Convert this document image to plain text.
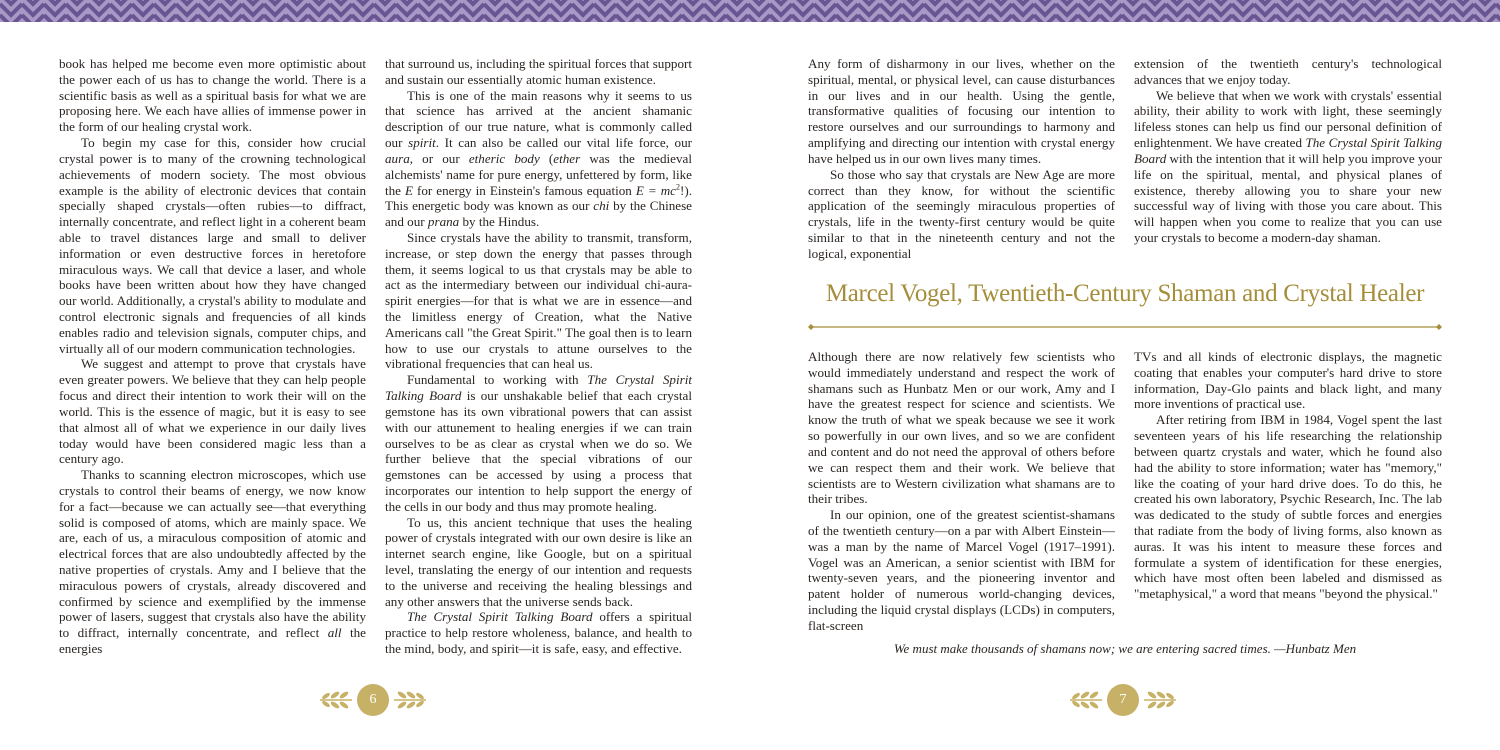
book has helped me become even more optimistic about the power each of us has to change the world. There is a scientific basis as well as a spiritual basis for what we are proposing here. We each have allies of immense power in the form of our healing crystal work.

To begin my case for this, consider how crucial crystal power is to many of the crowning technological achievements of modern society. The most obvious example is the ability of electronic devices that contain specially shaped crystals—often rubies—to diffract, internally concentrate, and reflect light in a coherent beam able to travel distances large and small to deliver information or even destructive forces in heretofore miraculous ways. We call that device a laser, and whole books have been written about how they have changed our world. Additionally, a crystal's ability to modulate and control electronic signals and frequencies of all kinds enables radio and television signals, computer chips, and virtually all of our modern communication technologies.

We suggest and attempt to prove that crystals have even greater powers. We believe that they can help people focus and direct their intention to work their will on the world. This is the essence of magic, but it is easy to see that almost all of what we experience in our daily lives today would have been considered magic less than a century ago.

Thanks to scanning electron microscopes, which use crystals to control their beams of energy, we now know for a fact—because we can actually see—that everything solid is composed of atoms, which are mainly space. We are, each of us, a miraculous composition of atomic and electrical forces that are also undoubtedly affected by the native properties of crystals. Amy and I believe that the miraculous powers of crystals, already discovered and confirmed by science and exemplified by the immense power of lasers, suggest that crystals also have the ability to diffract, internally concentrate, and reflect all the energies

that surround us, including the spiritual forces that support and sustain our essentially atomic human existence.

This is one of the main reasons why it seems to us that science has arrived at the ancient shamanic description of our true nature, what is commonly called our spirit. It can also be called our vital life force, our aura, or our etheric body (ether was the medieval alchemists' name for pure energy, unfettered by form, like the E for energy in Einstein's famous equation $E = mc^2$!). This energetic body was known as our chi by the Chinese and our prana by the Hindus.

Since crystals have the ability to transmit, transform, increase, or step down the energy that passes through them, it seems logical to us that crystals may be able to act as the intermediary between our individual chi-aura-spirit energies—for that is what we are in essence—and the limitless energy of Creation, what the Native Americans call "the Great Spirit." The goal then is to learn how to use our crystals to attune ourselves to the vibrational frequencies that can heal us.

Fundamental to working with The Crystal Spirit Talking Board is our unshakable belief that each crystal gemstone has its own vibrational powers that can assist with our attunement to healing energies if we can train ourselves to be as clear as crystal when we do so. We further believe that the special vibrations of our gemstones can be accessed by using a process that incorporates our intention to help support the energy of the cells in our body and thus may promote healing.

To us, this ancient technique that uses the healing power of crystals integrated with our own desire is like an internet search engine, like Google, but on a spiritual level, translating the energy of our intention and requests to the universe and receiving the healing blessings and any other answers that the universe sends back.

The Crystal Spirit Talking Board offers a spiritual practice to help restore wholeness, balance, and health to the mind, body, and spirit—it is safe, easy, and effective.

6

Any form of disharmony in our lives, whether on the spiritual, mental, or physical level, can cause disturbances in our lives and in our health. Using the gentle, transformative qualities of focusing our intention to restore ourselves and our surroundings to harmony and amplifying and directing our intention with crystal energy have helped us in our own lives many times.

So those who say that crystals are New Age are more correct than they know, for without the scientific application of the seemingly miraculous properties of crystals, life in the twenty-first century would be quite similar to that in the nineteenth century and not the logical, exponential

extension of the twentieth century's technological advances that we enjoy today.

We believe that when we work with crystals' essential ability, their ability to work with light, these seemingly lifeless stones can help us find our personal definition of enlightenment. We have created The Crystal Spirit Talking Board with the intention that it will help you improve your life on the spiritual, mental, and physical planes of existence, thereby allowing you to share your new successful way of living with those you care about. This will happen when you come to realize that you can use your crystals to become a modern-day shaman.

Marcel Vogel, Twentieth-Century Shaman and Crystal Healer

Although there are now relatively few scientists who would immediately understand and respect the work of shamans such as Hunbatz Men or our work, Amy and I have the greatest respect for science and scientists. We know the truth of what we speak because we see it work so powerfully in our own lives, and so we are confident and content and do not need the approval of others before we can respect them and their work. We believe that scientists are to Western civilization what shamans are to their tribes.

In our opinion, one of the greatest scientist-shamans of the twentieth century—on a par with Albert Einstein—was a man by the name of Marcel Vogel (1917–1991). Vogel was an American, a senior scientist with IBM for twenty-seven years, and the pioneering inventor and patent holder of numerous world-changing devices, including the liquid crystal displays (LCDs) in computers, flat-screen

TVs and all kinds of electronic displays, the magnetic coating that enables your computer's hard drive to store information, Day-Glo paints and black light, and many more inventions of practical use.

After retiring from IBM in 1984, Vogel spent the last seventeen years of his life researching the relationship between quartz crystals and water, which he found also had the ability to store information; water has "memory," like the coating of your hard drive does. To do this, he created his own laboratory, Psychic Research, Inc. The lab was dedicated to the study of subtle forces and energies that radiate from the body of living forms, also known as auras. It was his intent to measure these forces and formulate a system of identification for these energies, which have most often been labeled and dismissed as "metaphysical," a word that means "beyond the physical."

We must make thousands of shamans now; we are entering sacred times. —Hunbatz Men
7
